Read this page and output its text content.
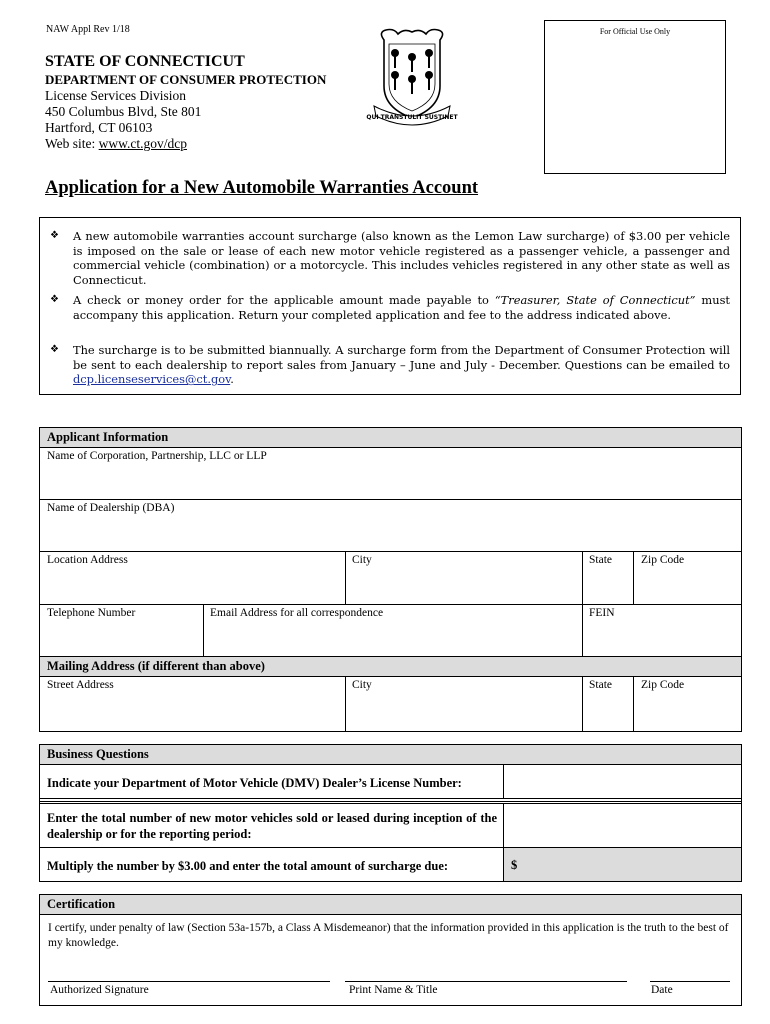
NAW Appl Rev 1/18	For Official Use Only
STATE OF CONNECTICUT
DEPARTMENT OF CONSUMER PROTECTION
License Services Division
450 Columbus Blvd, Ste 801
Hartford, CT 06103
Web site: www.ct.gov/dcp
QUI TRANSTULIT SUSTINET
Application for a New Automobile Warranties Account
❖ A new automobile warranties account surcharge (also known as the Lemon Law surcharge) of $3.00 per vehicle is imposed on the sale or lease of each new motor vehicle registered as a passenger vehicle, a passenger and commercial vehicle (combination) or a motorcycle. This includes vehicles registered in any other state as well as Connecticut.
❖ A check or money order for the applicable amount made payable to “Treasurer, State of Connecticut” must accompany this application. Return your completed application and fee to the address indicated above.
❖ The surcharge is to be submitted biannually. A surcharge form from the Department of Consumer Protection will be sent to each dealership to report sales from January – June and July - December. Questions can be emailed to dcp.licenseservices@ct.gov.
Applicant Information
Name of Corporation, Partnership, LLC or LLP
Name of Dealership (DBA)
Location Address	City	State	Zip Code
Telephone Number	Email Address for all correspondence	FEIN
Mailing Address (if different than above)
Street Address	City	State	Zip Code
Business Questions
Indicate your Department of Motor Vehicle (DMV) Dealer’s License Number:
Enter the total number of new motor vehicles sold or leased during inception of the dealership or for the reporting period:
Multiply the number by $3.00 and enter the total amount of surcharge due:	$
Certification
I certify, under penalty of law (Section 53a-157b, a Class A Misdemeanor) that the information provided in this application is the truth to the best of my knowledge.
Authorized Signature	Print Name & Title	Date
